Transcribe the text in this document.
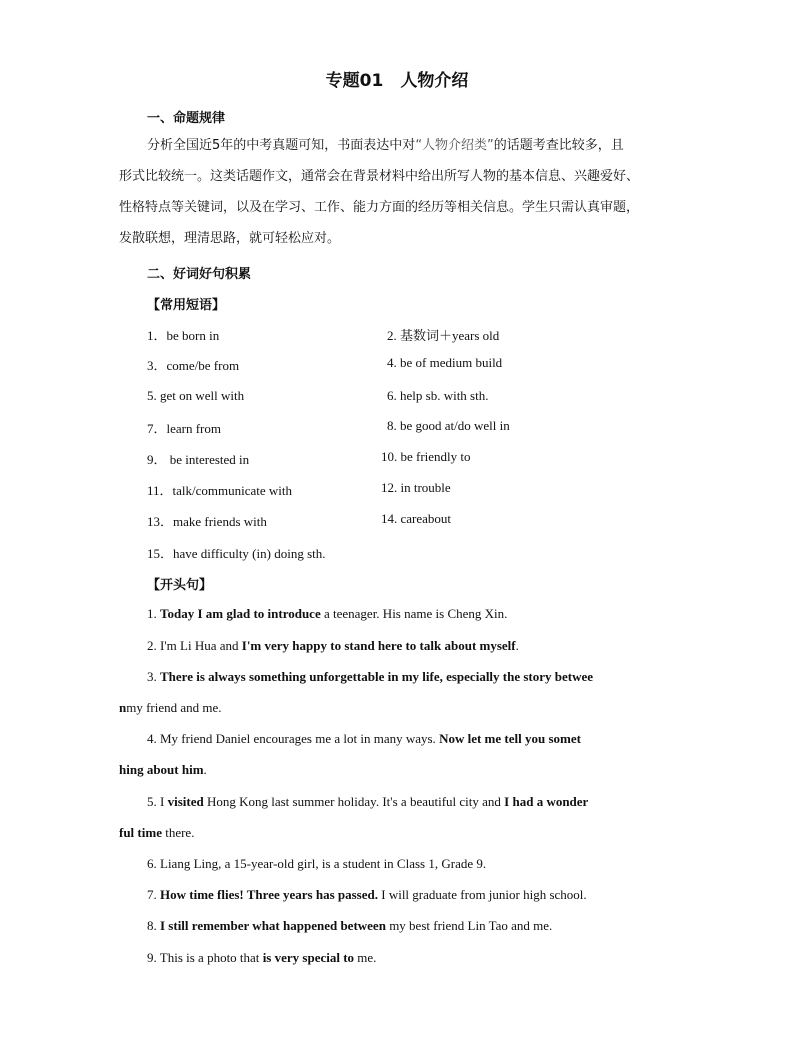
专题01　人物介绍
一、命题规律
分析全国近5年的中考真题可知，书面表达中对“人物介绍类”的话题考查比较多，且
形式比较统一。这类话题作文，通常会在背景材料中给出所写人物的基本信息、兴趣爱好、
性格特点等关键词，以及在学习、工作、能力方面的经历等相关信息。学生只需认真审题，
发散联想，理清思路，就可轻松应对。
二、好词好句积累
【常用短语】
1．be born in	2. 基数词＋years old
3．come/be from	4. be of medium build
5. get on well with	6. help sb. with sth.
7．learn from	8. be good at/do well in
9． be interested in	10. be friendly to
11．talk/communicate with	12. in trouble
13．make friends with	14. careabout
15．have difficulty (in) doing sth.
【开头句】
1. Today I am glad to introduce a teenager. His name is Cheng Xin.
2. I'm Li Hua and I'm very happy to stand here to talk about myself.
3. There is always something unforgettable in my life, especially the story betwee
nmy friend and me.
4. My friend Daniel encourages me a lot in many ways. Now let me tell you somet
hing about him.
5. I visited Hong Kong last summer holiday. It's a beautiful city and I had a wonder
ful time there.
6. Liang Ling, a 15-year-old girl, is a student in Class 1, Grade 9.
7. How time flies! Three years has passed. I will graduate from junior high school.
8. I still remember what happened between my best friend Lin Tao and me.
9. This is a photo that is very special to me.
